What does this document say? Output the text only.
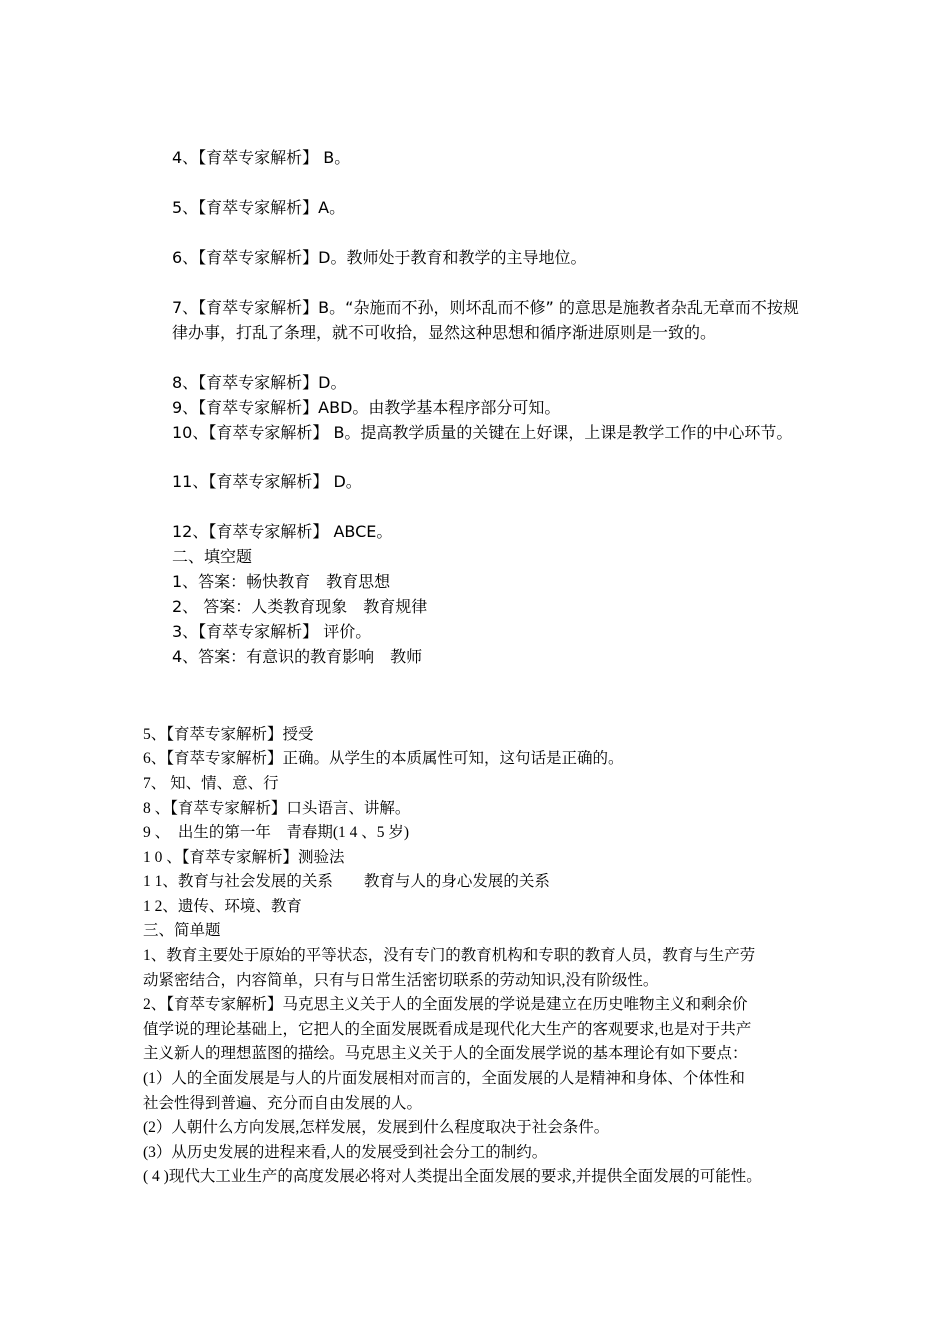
4、【育萃专家解析】 B。
5、【育萃专家解析】A。
6、【育萃专家解析】D。教师处于教育和教学的主导地位。
7、【育萃专家解析】B。“杂施而不孙，则坏乱而不修” 的意思是施教者杂乱无章而不按规
律办事，打乱了条理，就不可收拾，显然这种思想和循序渐进原则是一致的。
8、【育萃专家解析】D。
9、【育萃专家解析】ABD。由教学基本程序部分可知。
10、【育萃专家解析】 B。提高教学质量的关键在上好课，上课是教学工作的中心环节。
11、【育萃专家解析】 D。
12、【育萃专家解析】 ABCE。
二、填空题
1、答案：畅快教育　教育思想
2、 答案：人类教育现象　教育规律
3、【育萃专家解析】 评价。
4、答案：有意识的教育影响　教师
5、【育萃专家解析】授受
6、【育萃专家解析】正确。从学生的本质属性可知，这句话是正确的。
7、 知、情、意、行
8 、【育萃专家解析】口头语言、讲解。
9 、　出生的第一年　青春期(1 4 、5 岁)
1 0 、【育萃专家解析】测验法
1 1、教育与社会发展的关系　　教育与人的身心发展的关系
1 2、遗传、环境、教育
三、简单题
1、教育主要处于原始的平等状态，没有专门的教育机构和专职的教育人员，教育与生产劳
动紧密结合，内容简单，只有与日常生活密切联系的劳动知识,没有阶级性。
2、【育萃专家解析】马克思主义关于人的全面发展的学说是建立在历史唯物主义和剩余价
值学说的理论基础上，它把人的全面发展既看成是现代化大生产的客观要求,也是对于共产
主义新人的理想蓝图的描绘。马克思主义关于人的全面发展学说的基本理论有如下要点：
(1）人的全面发展是与人的片面发展相对而言的，全面发展的人是精神和身体、个体性和
社会性得到普遍、充分而自由发展的人。
(2）人朝什么方向发展,怎样发展，发展到什么程度取决于社会条件。
(3）从历史发展的进程来看,人的发展受到社会分工的制约。
( 4 )现代大工业生产的高度发展必将对人类提出全面发展的要求,并提供全面发展的可能性。
